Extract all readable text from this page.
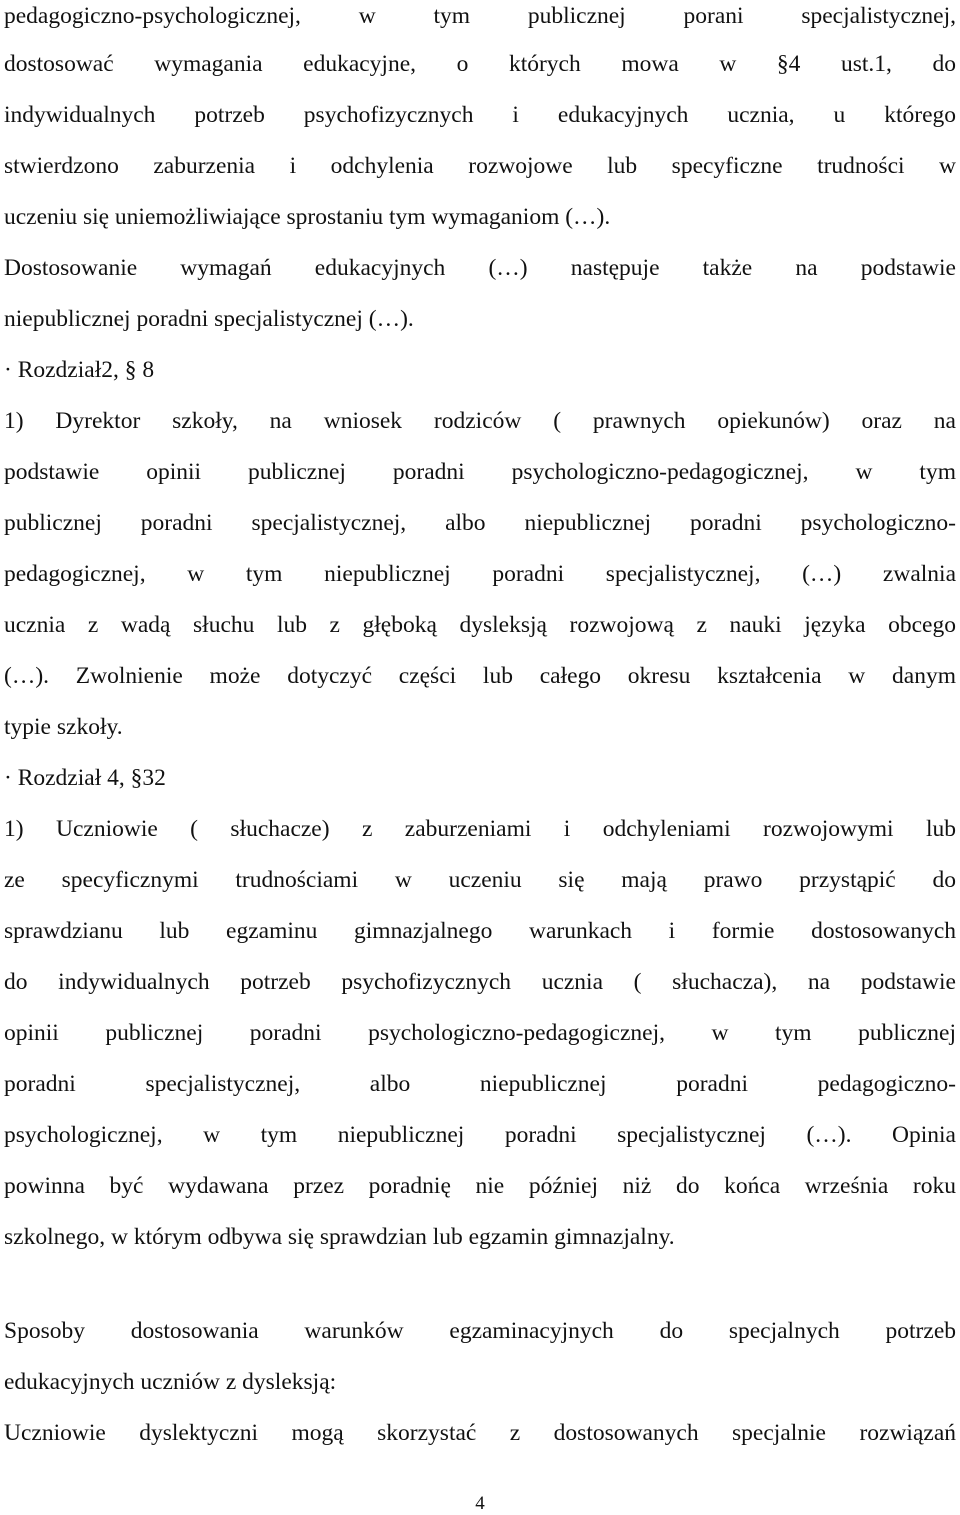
pedagogiczno-psychologicznej, w tym publicznej porani specjalistycznej,
dostosować wymagania edukacyjne, o których mowa w §4 ust.1, do
indywidualnych potrzeb psychofizycznych i edukacyjnych ucznia, u którego
stwierdzono zaburzenia i odchylenia rozwojowe lub specyficzne trudności w
uczeniu się uniemożliwiające sprostaniu tym wymaganiom (…).
Dostosowanie wymagań edukacyjnych (…) następuje także na podstawie
niepublicznej poradni specjalistycznej (…).
· Rozdział2, § 8
1) Dyrektor szkoły, na wniosek rodziców ( prawnych opiekunów) oraz na
podstawie opinii publicznej poradni psychologiczno-pedagogicznej, w tym
publicznej poradni specjalistycznej, albo niepublicznej poradni psychologiczno-
pedagogicznej, w tym niepublicznej poradni specjalistycznej, (…) zwalnia
ucznia z wadą słuchu lub z głęboką dysleksją rozwojową z nauki języka obcego
(…). Zwolnienie może dotyczyć części lub całego okresu kształcenia w danym
typie szkoły.
· Rozdział 4, §32
1) Uczniowie ( słuchacze) z zaburzeniami i odchyleniami rozwojowymi lub
ze specyficznymi trudnościami w uczeniu się mają prawo przystąpić do
sprawdzianu lub egzaminu gimnazjalnego warunkach i formie dostosowanych
do indywidualnych potrzeb psychofizycznych ucznia ( słuchacza), na podstawie
opinii publicznej poradni psychologiczno-pedagogicznej, w tym publicznej
poradni specjalistycznej, albo niepublicznej poradni pedagogiczno-
psychologicznej, w tym niepublicznej poradni specjalistycznej (…). Opinia
powinna być wydawana przez poradnię nie później niż do końca września roku
szkolnego, w którym odbywa się sprawdzian lub egzamin gimnazjalny.
Sposoby dostosowania warunków egzaminacyjnych do specjalnych potrzeb
edukacyjnych uczniów z dysleksją:
Uczniowie dyslektyczni mogą skorzystać z dostosowanych specjalnie rozwiązań
4
